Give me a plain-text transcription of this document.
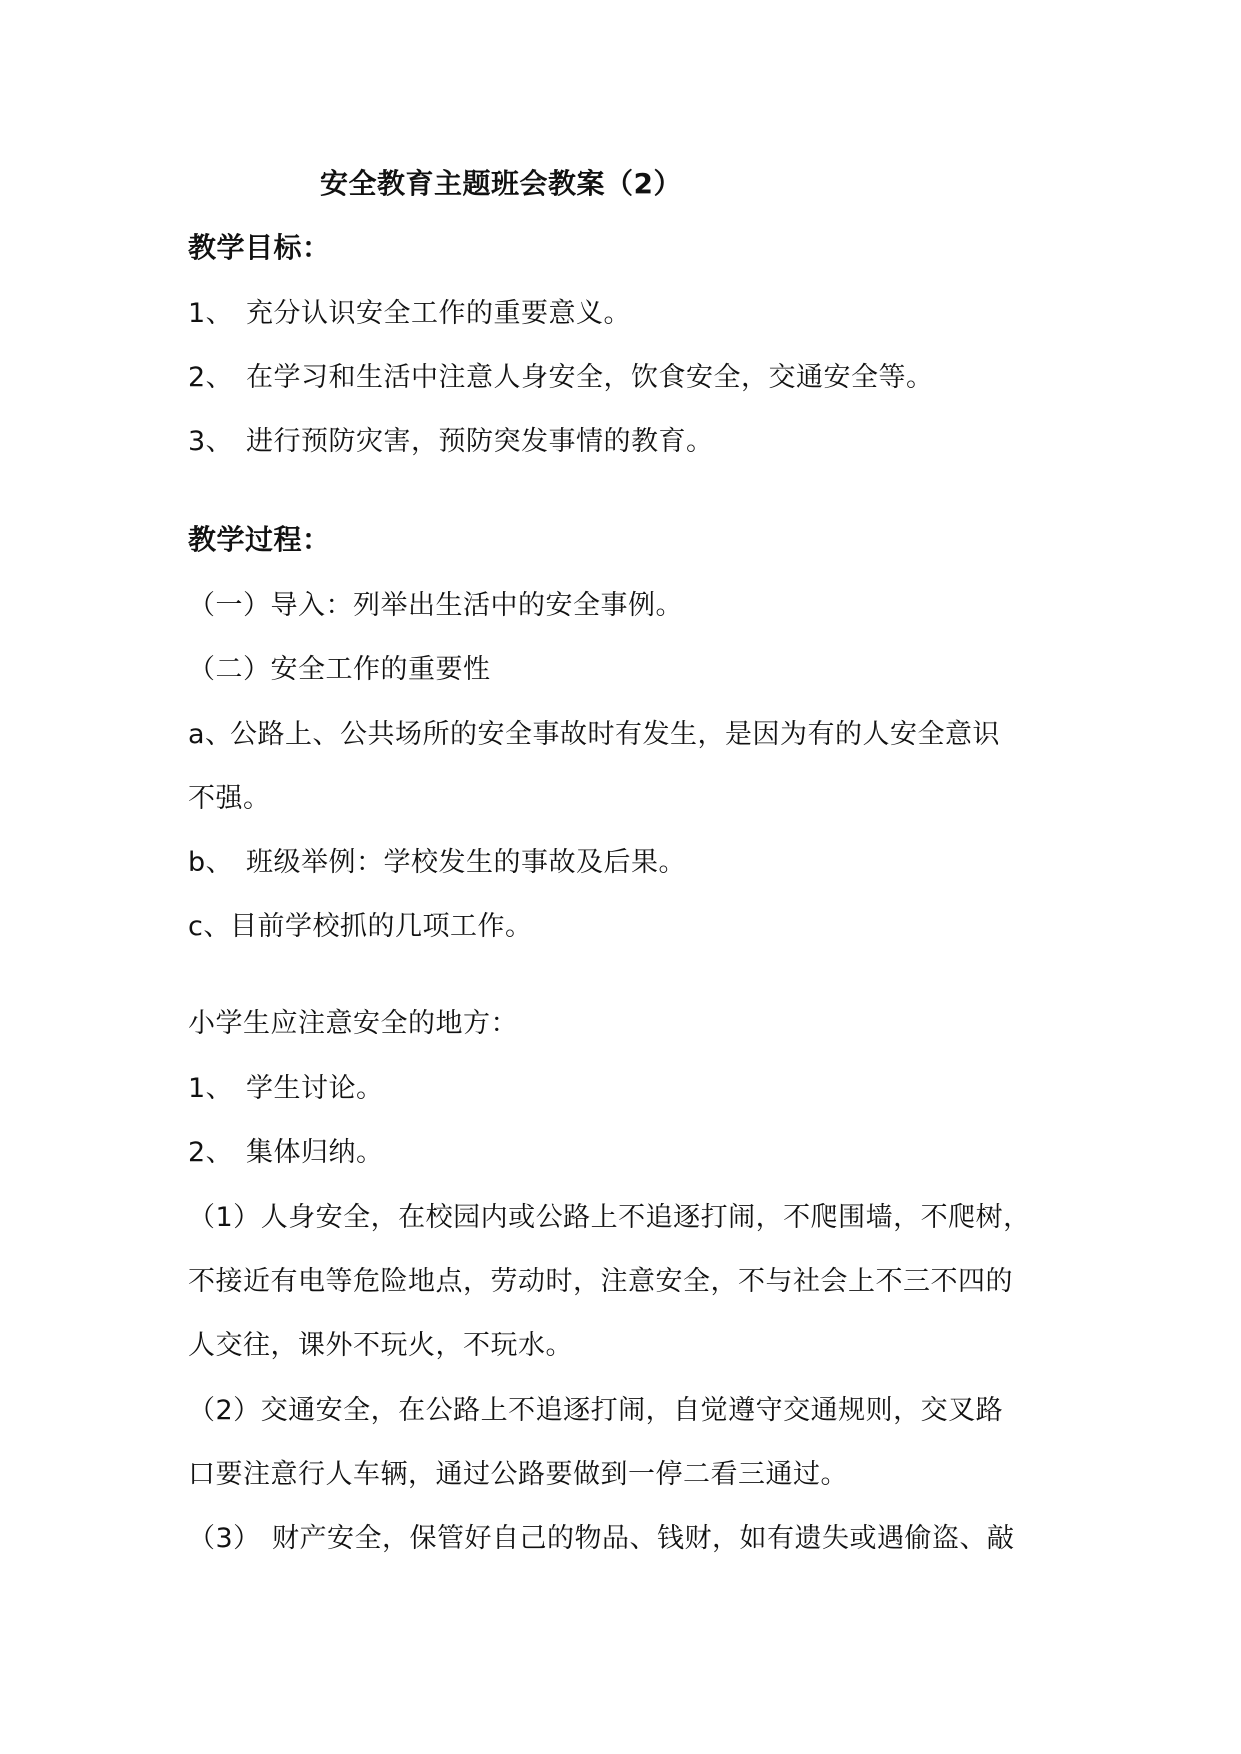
安全教育主题班会教案（2）
教学目标：
1、 充分认识安全工作的重要意义。
2、 在学习和生活中注意人身安全，饮食安全，交通安全等。
3、 进行预防灾害，预防突发事情的教育。
教学过程：
（一）导入：列举出生活中的安全事例。
（二）安全工作的重要性
a、公路上、公共场所的安全事故时有发生，是因为有的人安全意识
不强。
b、 班级举例：学校发生的事故及后果。
c、目前学校抓的几项工作。
小学生应注意安全的地方：
1、 学生讨论。
2、 集体归纳。
（1）人身安全，在校园内或公路上不追逐打闹，不爬围墙，不爬树，
不接近有电等危险地点，劳动时，注意安全，不与社会上不三不四的
人交往，课外不玩火，不玩水。
（2）交通安全，在公路上不追逐打闹，自觉遵守交通规则，交叉路
口要注意行人车辆，通过公路要做到一停二看三通过。
（3） 财产安全，保管好自己的物品、钱财，如有遗失或遇偷盗、敲
